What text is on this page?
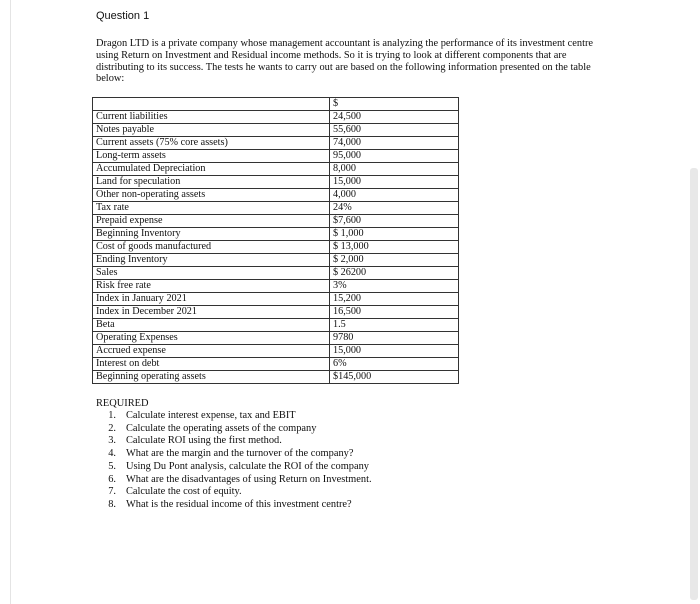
Question 1

Dragon LTD is a private company whose management accountant is analyzing the performance of its investment centre using Return on Investment and Residual income methods. So it is trying to look at different components that are distributing to its success. The tests he wants to carry out are based on the following information presented on the table below:

	$
Current liabilities	24,500
Notes payable	55,600
Current assets (75% core assets)	74,000
Long-term assets	95,000
Accumulated Depreciation	8,000
Land for speculation	15,000
Other non-operating assets	4,000
Tax rate	24%
Prepaid expense	$7,600
Beginning Inventory	$ 1,000
Cost of goods manufactured	$ 13,000
Ending Inventory	$ 2,000
Sales	$ 26200
Risk free rate	3%
Index in January 2021	15,200
Index in December 2021	16,500
Beta	1.5
Operating Expenses	9780
Accrued expense	15,000
Interest on debt	6%
Beginning operating assets	$145,000
REQUIRED
1. Calculate interest expense, tax and EBIT
2. Calculate the operating assets of the company
3. Calculate ROI using the first method.
4. What are the margin and the turnover of the company?
5. Using Du Pont analysis, calculate the ROI of the company
6. What are the disadvantages of using Return on Investment.
7. Calculate the cost of equity.
8. What is the residual income of this investment centre?
